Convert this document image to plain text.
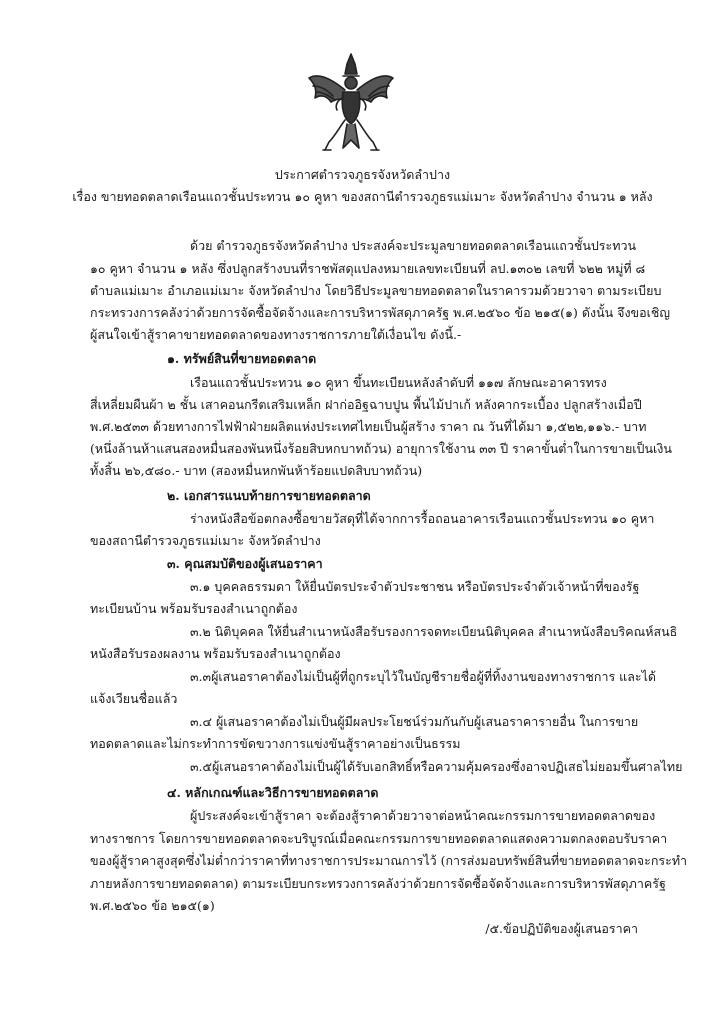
ประกาศตำรวจภูธรจังหวัดลำปาง
เรื่อง ขายทอดตลาดเรือนแถวชั้นประทวน ๑๐ คูหา ของสถานีตำรวจภูธรแม่เมาะ จังหวัดลำปาง จำนวน ๑ หลัง
ด้วย ตำรวจภูธรจังหวัดลำปาง ประสงค์จะประมูลขายทอดตลาดเรือนแถวชั้นประทวน
๑๐ คูหา จำนวน ๑ หลัง ซึ่งปลูกสร้างบนที่ราชพัสดุแปลงหมายเลขทะเบียนที่ ลป.๑๓๐๒ เลขที่ ๖๒๒ หมู่ที่ ๘
ตำบลแม่เมาะ อำเภอแม่เมาะ จังหวัดลำปาง โดยวิธีประมูลขายทอดตลาดในราคารวมด้วยวาจา ตามระเบียบ
กระทรวงการคลังว่าด้วยการจัดซื้อจัดจ้างและการบริหารพัสดุภาครัฐ พ.ศ.๒๕๖๐ ข้อ ๒๑๕(๑) ดังนั้น จึงขอเชิญ
ผู้สนใจเข้าสู้ราคาขายทอดตลาดของทางราชการภายใต้เงื่อนไข ดังนี้.-
๑. ทรัพย์สินที่ขายทอดตลาด
เรือนแถวชั้นประทวน ๑๐ คูหา ขึ้นทะเบียนหลังลำดับที่ ๑๑๗ ลักษณะอาคารทรง
สี่เหลี่ยมผืนผ้า ๒ ชั้น เสาคอนกรีตเสริมเหล็ก ฝาก่ออิฐฉาบปูน พื้นไม้ปาเก้ หลังคากระเบื้อง ปลูกสร้างเมื่อปี
พ.ศ.๒๕๓๓ ด้วยทางการไฟฟ้าฝ่ายผลิตแห่งประเทศไทยเป็นผู้สร้าง ราคา ณ วันที่ได้มา ๑,๕๒๒,๑๑๖.- บาท
(หนึ่งล้านห้าแสนสองหมื่นสองพันหนึ่งร้อยสิบหกบาทถ้วน) อายุการใช้งาน ๓๓ ปี ราคาขั้นต่ำในการขายเป็นเงิน
ทั้งสิ้น ๒๖,๕๘๐.- บาท (สองหมื่นหกพันห้าร้อยแปดสิบบาทถ้วน)
๒. เอกสารแนบท้ายการขายทอดตลาด
ร่างหนังสือข้อตกลงซื้อขายวัสดุที่ได้จากการรื้อถอนอาคารเรือนแถวชั้นประทวน ๑๐ คูหา
ของสถานีตำรวจภูธรแม่เมาะ จังหวัดลำปาง
๓. คุณสมบัติของผู้เสนอราคา
๓.๑ บุคคลธรรมดา ให้ยื่นบัตรประจำตัวประชาชน หรือบัตรประจำตัวเจ้าหน้าที่ของรัฐ
ทะเบียนบ้าน พร้อมรับรองสำเนาถูกต้อง
๓.๒ นิติบุคคล ให้ยื่นสำเนาหนังสือรับรองการจดทะเบียนนิติบุคคล สำเนาหนังสือบริคณห์สนธิ
หนังสือรับรองผลงาน พร้อมรับรองสำเนาถูกต้อง
๓.๓ผู้เสนอราคาต้องไม่เป็นผู้ที่ถูกระบุไว้ในบัญชีรายชื่อผู้ที่ทิ้งงานของทางราชการ และได้
แจ้งเวียนชื่อแล้ว
๓.๔ ผู้เสนอราคาต้องไม่เป็นผู้มีผลประโยชน์ร่วมกันกับผู้เสนอราคารายอื่น ในการขาย
ทอดตลาดและไม่กระทำการขัดขวางการแข่งขันสู้ราคาอย่างเป็นธรรม
๓.๕ผู้เสนอราคาต้องไม่เป็นผู้ได้รับเอกสิทธิ์หรือความคุ้มครองซึ่งอาจปฏิเสธไม่ยอมขึ้นศาลไทย
๔. หลักเกณฑ์และวิธีการขายทอดตลาด
ผู้ประสงค์จะเข้าสู้ราคา จะต้องสู้ราคาด้วยวาจาต่อหน้าคณะกรรมการขายทอดตลาดของ
ทางราชการ โดยการขายทอดตลาดจะบริบูรณ์เมื่อคณะกรรมการขายทอดตลาดแสดงความตกลงตอบรับราคา
ของผู้สู้ราคาสูงสุดซึ่งไม่ต่ำกว่าราคาที่ทางราชการประมาณการไว้ (การส่งมอบทรัพย์สินที่ขายทอดตลาดจะกระทำ
ภายหลังการขายทอดตลาด) ตามระเบียบกระทรวงการคลังว่าด้วยการจัดซื้อจัดจ้างและการบริหารพัสดุภาครัฐ
พ.ศ.๒๕๖๐ ข้อ ๒๑๕(๑)
/๕.ข้อปฏิบัติของผู้เสนอราคา
